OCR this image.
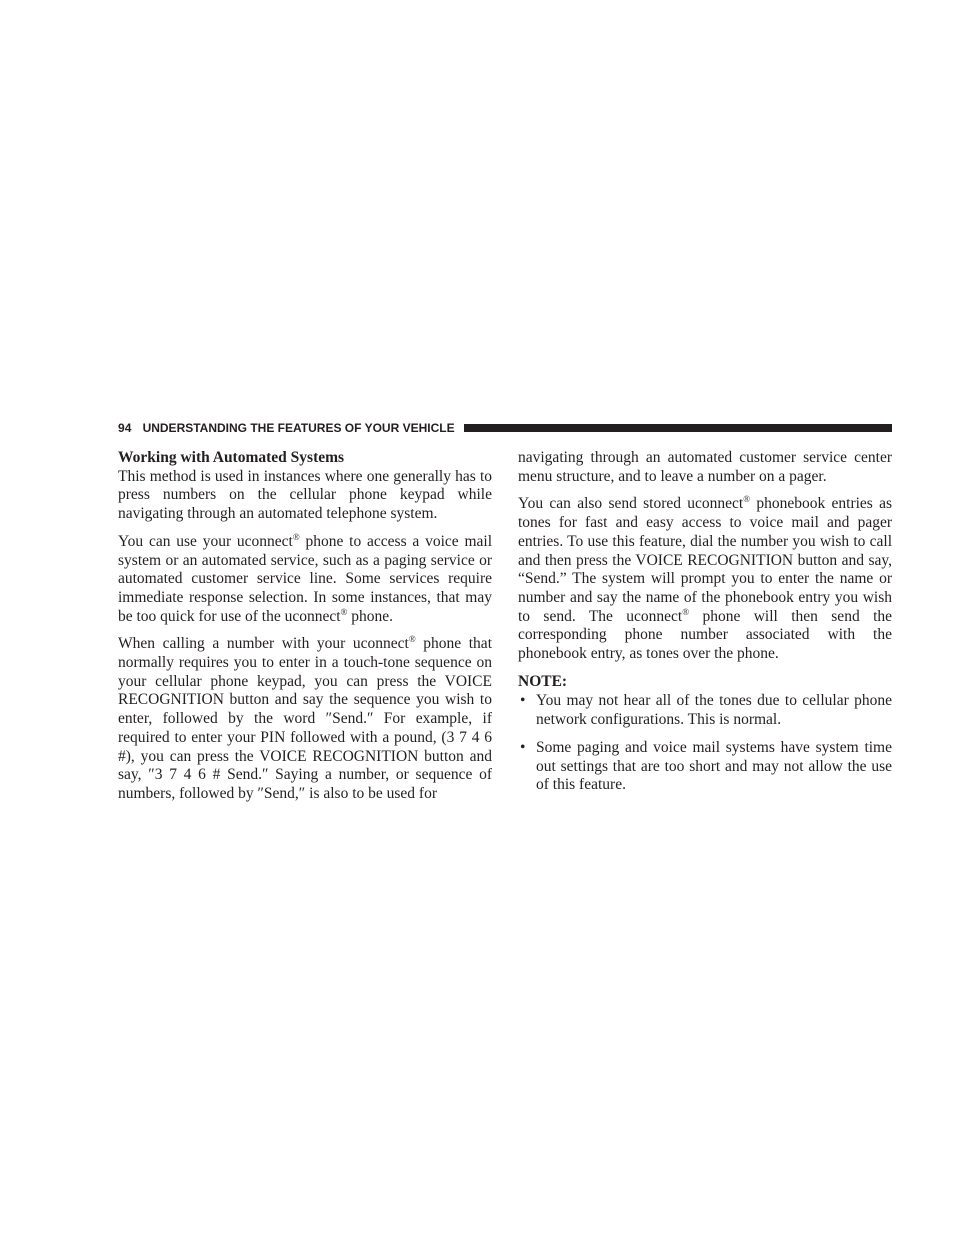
94 UNDERSTANDING THE FEATURES OF YOUR VEHICLE

Working with Automated Systems

This method is used in instances where one generally has to press numbers on the cellular phone keypad while navigating through an automated telephone system.

You can use your uconnect® phone to access a voice mail system or an automated service, such as a paging service or automated customer service line. Some services require immediate response selection. In some instances, that may be too quick for use of the uconnect® phone.

When calling a number with your uconnect® phone that normally requires you to enter in a touch-tone sequence on your cellular phone keypad, you can press the VOICE RECOGNITION button and say the sequence you wish to enter, followed by the word ″Send.″ For example, if required to enter your PIN followed with a pound, (3 7 4 6 #), you can press the VOICE RECOGNITION button and say, ″3 7 4 6 # Send.″ Saying a number, or sequence of numbers, followed by ″Send,″ is also to be used for

navigating through an automated customer service center menu structure, and to leave a number on a pager.

You can also send stored uconnect® phonebook entries as tones for fast and easy access to voice mail and pager entries. To use this feature, dial the number you wish to call and then press the VOICE RECOGNITION button and say, “Send.” The system will prompt you to enter the name or number and say the name of the phonebook entry you wish to send. The uconnect® phone will then send the corresponding phone number associated with the phonebook entry, as tones over the phone.

NOTE:

• You may not hear all of the tones due to cellular phone network configurations. This is normal.
• Some paging and voice mail systems have system time out settings that are too short and may not allow the use of this feature.
